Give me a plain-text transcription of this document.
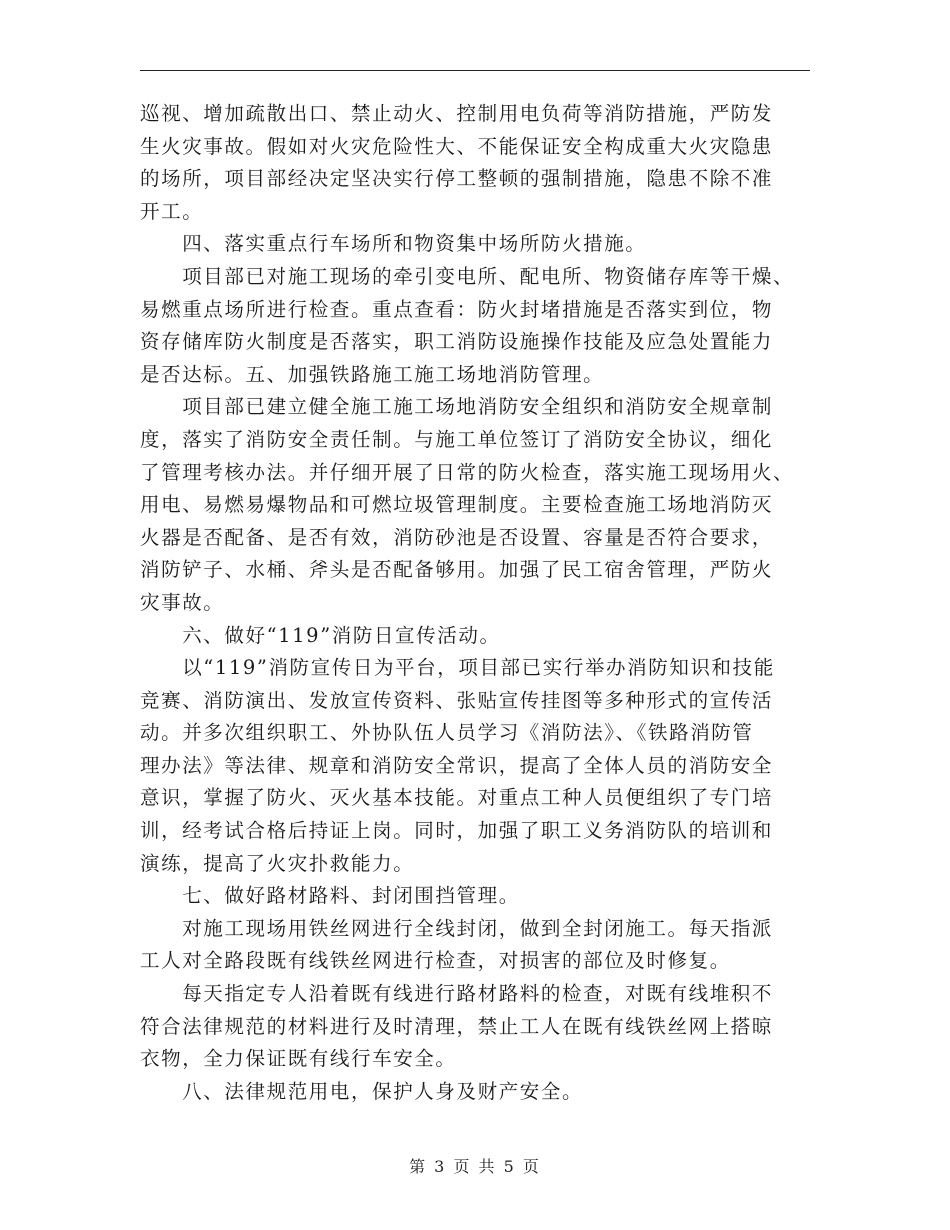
巡视、增加疏散出口、禁止动火、控制用电负荷等消防措施，严防发

生火灾事故。假如对火灾危险性大、不能保证安全构成重大火灾隐患

的场所，项目部经决定坚决实行停工整顿的强制措施，隐患不除不准

开工。

　　四、落实重点行车场所和物资集中场所防火措施。

　　项目部已对施工现场的牵引变电所、配电所、物资储存库等干燥、

易燃重点场所进行检查。重点查看：防火封堵措施是否落实到位，物

资存储库防火制度是否落实，职工消防设施操作技能及应急处置能力

是否达标。五、加强铁路施工施工场地消防管理。

　　项目部已建立健全施工施工场地消防安全组织和消防安全规章制

度，落实了消防安全责任制。与施工单位签订了消防安全协议，细化

了管理考核办法。并仔细开展了日常的防火检查，落实施工现场用火、

用电、易燃易爆物品和可燃垃圾管理制度。主要检查施工场地消防灭

火器是否配备、是否有效，消防砂池是否设置、容量是否符合要求，

消防铲子、水桶、斧头是否配备够用。加强了民工宿舍管理，严防火

灾事故。

　　六、做好“119”消防日宣传活动。

　　以“119”消防宣传日为平台，项目部已实行举办消防知识和技能

竞赛、消防演出、发放宣传资料、张贴宣传挂图等多种形式的宣传活

动。并多次组织职工、外协队伍人员学习《消防法》、《铁路消防管

理办法》等法律、规章和消防安全常识，提高了全体人员的消防安全

意识，掌握了防火、灭火基本技能。对重点工种人员便组织了专门培

训，经考试合格后持证上岗。同时，加强了职工义务消防队的培训和

演练，提高了火灾扑救能力。

　　七、做好路材路料、封闭围挡管理。

　　对施工现场用铁丝网进行全线封闭，做到全封闭施工。每天指派

工人对全路段既有线铁丝网进行检查，对损害的部位及时修复。

　　每天指定专人沿着既有线进行路材路料的检查，对既有线堆积不

符合法律规范的材料进行及时清理，禁止工人在既有线铁丝网上搭晾

衣物，全力保证既有线行车安全。

　　八、法律规范用电，保护人身及财产安全。

第 3 页 共 5 页
